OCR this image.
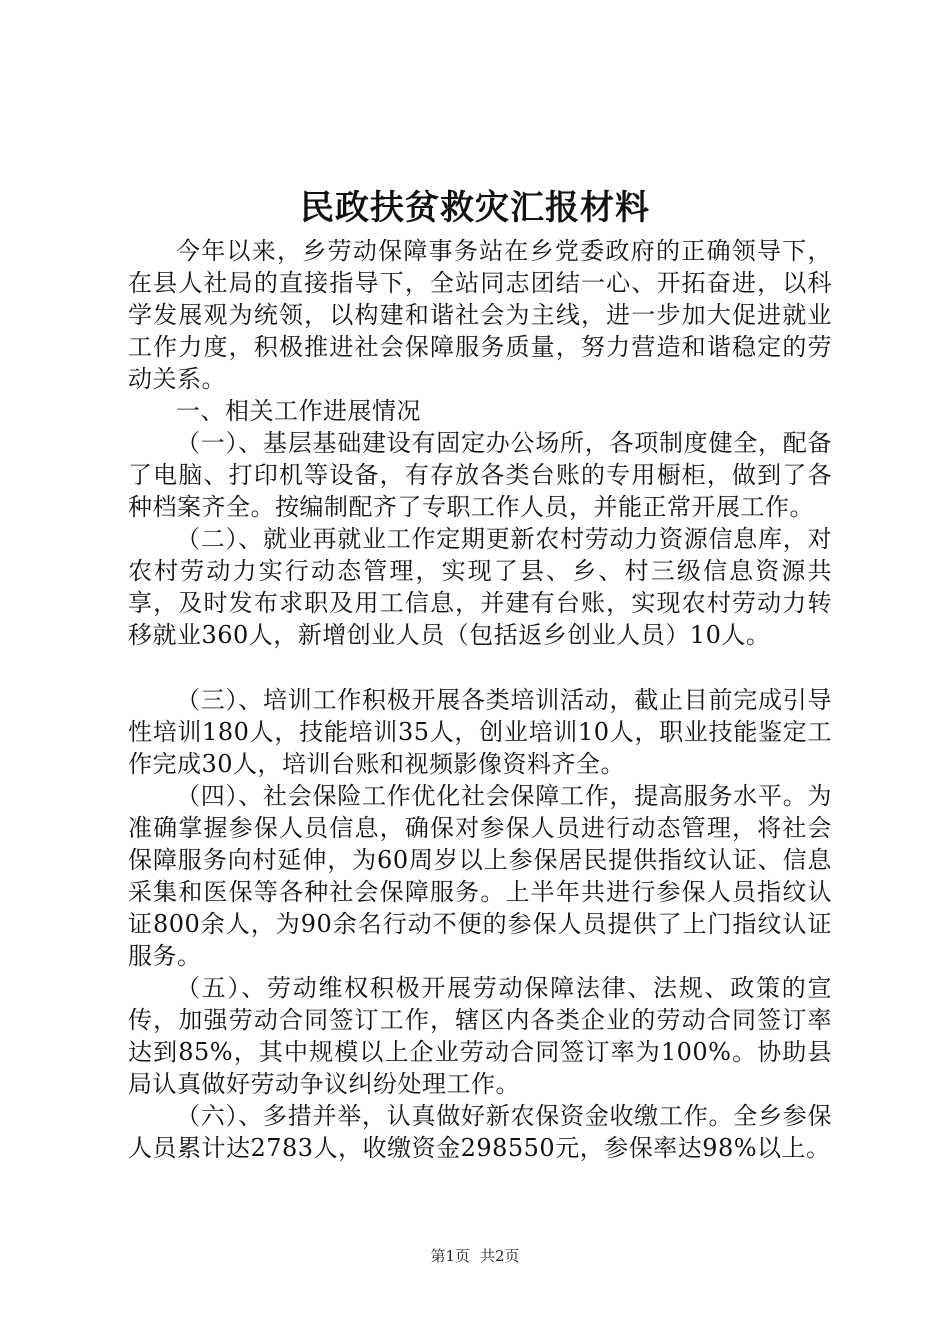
民政扶贫救灾汇报材料

今年以来，乡劳动保障事务站在乡党委政府的正确领导下，在县人社局的直接指导下，全站同志团结一心、开拓奋进，以科学发展观为统领，以构建和谐社会为主线，进一步加大促进就业工作力度，积极推进社会保障服务质量，努力营造和谐稳定的劳动关系。

一、相关工作进展情况

（一）、基层基础建设有固定办公场所，各项制度健全，配备了电脑、打印机等设备，有存放各类台账的专用橱柜，做到了各种档案齐全。按编制配齐了专职工作人员，并能正常开展工作。

（二）、就业再就业工作定期更新农村劳动力资源信息库，对农村劳动力实行动态管理，实现了县、乡、村三级信息资源共享，及时发布求职及用工信息，并建有台账，实现农村劳动力转移就业360人，新增创业人员（包括返乡创业人员）10人。

（三）、培训工作积极开展各类培训活动，截止目前完成引导性培训180人，技能培训35人，创业培训10人，职业技能鉴定工作完成30人，培训台账和视频影像资料齐全。

（四）、社会保险工作优化社会保障工作，提高服务水平。为准确掌握参保人员信息，确保对参保人员进行动态管理，将社会保障服务向村延伸，为60周岁以上参保居民提供指纹认证、信息采集和医保等各种社会保障服务。上半年共进行参保人员指纹认证800余人，为90余名行动不便的参保人员提供了上门指纹认证服务。

（五）、劳动维权积极开展劳动保障法律、法规、政策的宣传，加强劳动合同签订工作，辖区内各类企业的劳动合同签订率达到85%，其中规模以上企业劳动合同签订率为100%。协助县局认真做好劳动争议纠纷处理工作。

（六）、多措并举，认真做好新农保资金收缴工作。全乡参保人员累计达2783人，收缴资金298550元，参保率达98%以上。

第1页 共2页
